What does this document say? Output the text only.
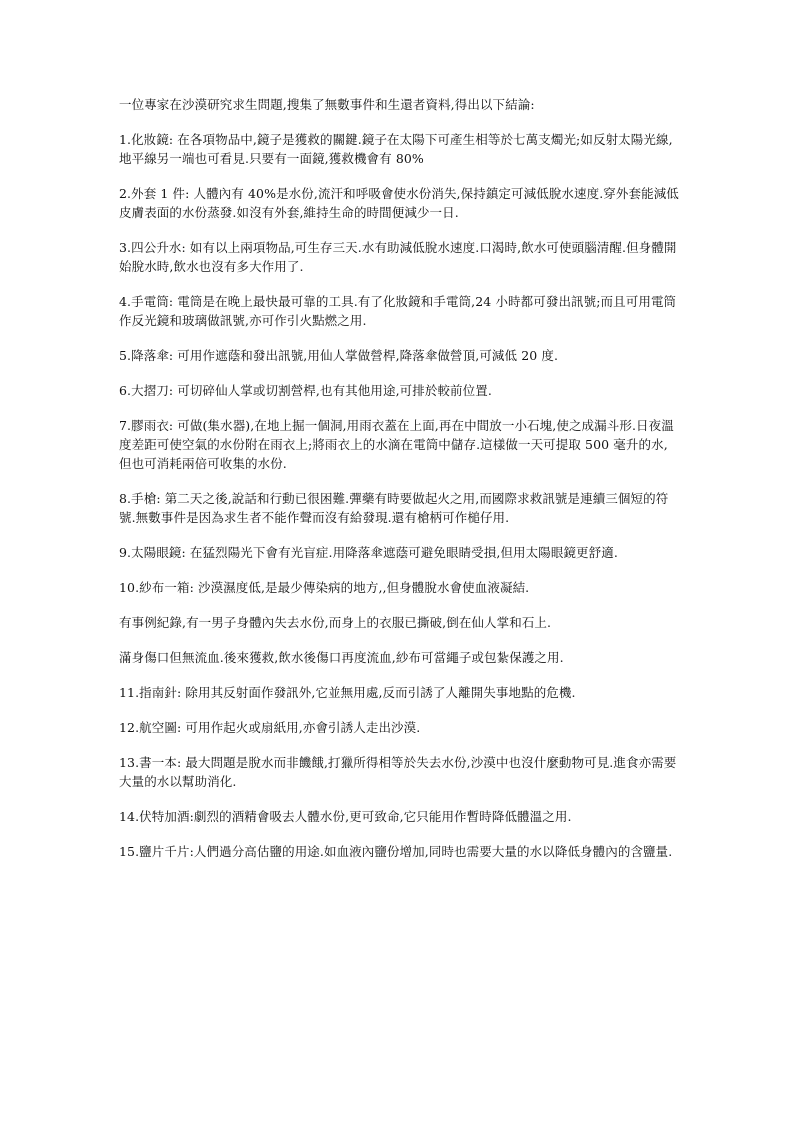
一位專家在沙漠研究求生問題,搜集了無數事件和生還者資料,得出以下結論:

1.化妝鏡: 在各項物品中,鏡子是獲救的關鍵.鏡子在太陽下可產生相等於七萬支燭光;如反射太陽光線,地平線另一端也可看見.只要有一面鏡,獲救機會有 80%

2.外套 1 件: 人體內有 40%是水份,流汗和呼吸會使水份消失,保持鎮定可減低脫水速度.穿外套能減低皮膚表面的水份蒸發.如沒有外套,維持生命的時間便減少一日.

3.四公升水: 如有以上兩項物品,可生存三天.水有助減低脫水速度.口渴時,飲水可使頭腦清醒.但身體開始脫水時,飲水也沒有多大作用了.

4.手電筒: 電筒是在晚上最快最可靠的工具.有了化妝鏡和手電筒,24 小時都可發出訊號;而且可用電筒作反光鏡和玻璃做訊號,亦可作引火點燃之用.

5.降落傘: 可用作遮蔭和發出訊號,用仙人掌做營桿,降落傘做營頂,可減低 20 度.

6.大摺刀: 可切碎仙人掌或切割營桿,也有其他用途,可排於較前位置.

7.膠雨衣: 可做(集水器),在地上掘一個洞,用雨衣蓋在上面,再在中間放一小石塊,使之成漏斗形.日夜溫度差距可使空氣的水份附在雨衣上;將雨衣上的水滴在電筒中儲存.這樣做一天可提取 500 毫升的水,但也可消耗兩倍可收集的水份.

8.手槍: 第二天之後,說話和行動已很困難.彈藥有時要做起火之用,而國際求救訊號是連續三個短的符號.無數事件是因為求生者不能作聲而沒有給發現.還有槍柄可作槌仔用.

9.太陽眼鏡: 在猛烈陽光下會有光盲症.用降落傘遮蔭可避免眼睛受損,但用太陽眼鏡更舒適.

10.紗布一箱: 沙漠濕度低,是最少傳染病的地方,,但身體脫水會使血液凝結.

有事例紀錄,有一男子身體內失去水份,而身上的衣服已撕破,倒在仙人掌和石上.

滿身傷口但無流血.後來獲救,飲水後傷口再度流血,紗布可當繩子或包紮保護之用.

11.指南針: 除用其反射面作發訊外,它並無用處,反而引誘了人離開失事地點的危機.

12.航空圖: 可用作起火或扇紙用,亦會引誘人走出沙漠.

13.書一本: 最大問題是脫水而非饑餓,打獵所得相等於失去水份,沙漠中也沒什麼動物可見.進食亦需要大量的水以幫助消化.

14.伏特加酒:劇烈的酒精會吸去人體水份,更可致命,它只能用作暫時降低體溫之用.

15.鹽片千片:人們過分高估鹽的用途.如血液內鹽份增加,同時也需要大量的水以降低身體內的含鹽量.
